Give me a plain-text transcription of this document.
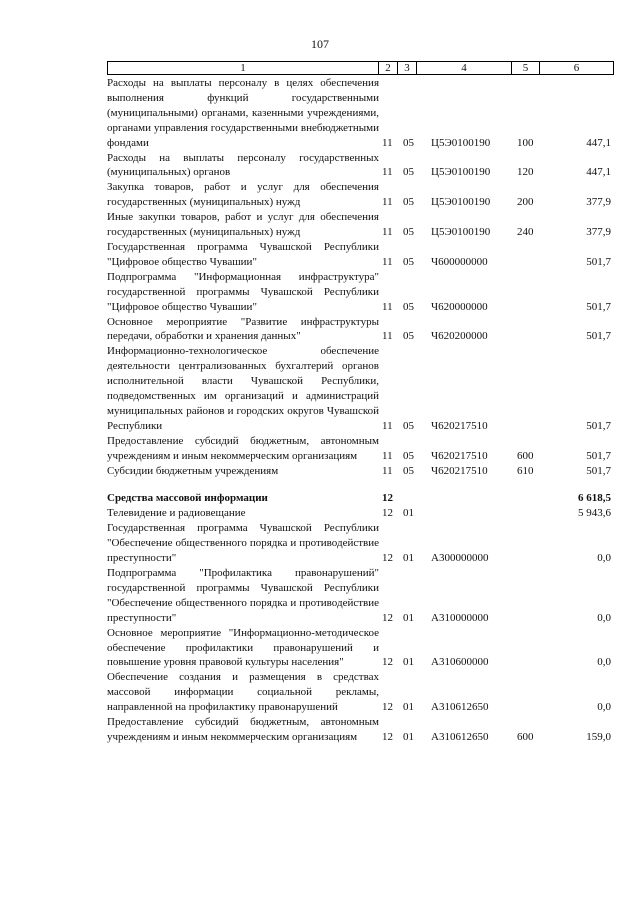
107
1	2	3	4	5	6
Расходы на выплаты персоналу в целях обеспечения выполнения функций государственными (муниципальными) органами, казенными учреждениями, органами управления государственными внебюджетными фондами	11 05 Ц5Э0100190 100	447,1
Расходы на выплаты персоналу государственных (муниципальных) органов	11 05 Ц5Э0100190 120	447,1
Закупка товаров, работ и услуг для обеспечения государственных (муниципальных) нужд	11 05 Ц5Э0100190 200	377,9
Иные закупки товаров, работ и услуг для обеспечения государственных (муниципальных) нужд	11 05 Ц5Э0100190 240	377,9
Государственная программа Чувашской Республики "Цифровое общество Чувашии"	11 05 Ч600000000	501,7
Подпрограмма "Информационная инфраструктура" государственной программы Чувашской Республики "Цифровое общество Чувашии"	11 05 Ч620000000	501,7
Основное мероприятие "Развитие инфраструктуры передачи, обработки и хранения данных"	11 05 Ч620200000	501,7
Информационно-технологическое обеспечение деятельности централизованных бухгалтерий органов исполнительной власти Чувашской Республики, подведомственных им организаций и администраций муниципальных районов и городских округов Чувашской Республики	11 05 Ч620217510	501,7
Предоставление субсидий бюджетным, автономным учреждениям и иным некоммерческим организациям	11 05 Ч620217510	600	501,7
Субсидии бюджетным учреждениям	11 05 Ч620217510	610	501,7
Средства массовой информации	12	6 618,5
Телевидение и радиовещание	12 01	5 943,6
Государственная программа Чувашской Республики "Обеспечение общественного порядка и противодействие преступности"	12 01 А300000000	0,0
Подпрограмма "Профилактика правонарушений" государственной программы Чувашской Республики "Обеспечение общественного порядка и противодействие преступности"	12 01 А310000000	0,0
Основное мероприятие "Информационно-методическое обеспечение профилактики правонарушений и повышение уровня правовой культуры населения"	12 01 А310600000	0,0
Обеспечение создания и размещения в средствах массовой информации социальной рекламы, направленной на профилактику правонарушений	12 01 А310612650	0,0
Предоставление субсидий бюджетным, автономным учреждениям и иным некоммерческим организациям	12 01 А310612650	600	159,0
